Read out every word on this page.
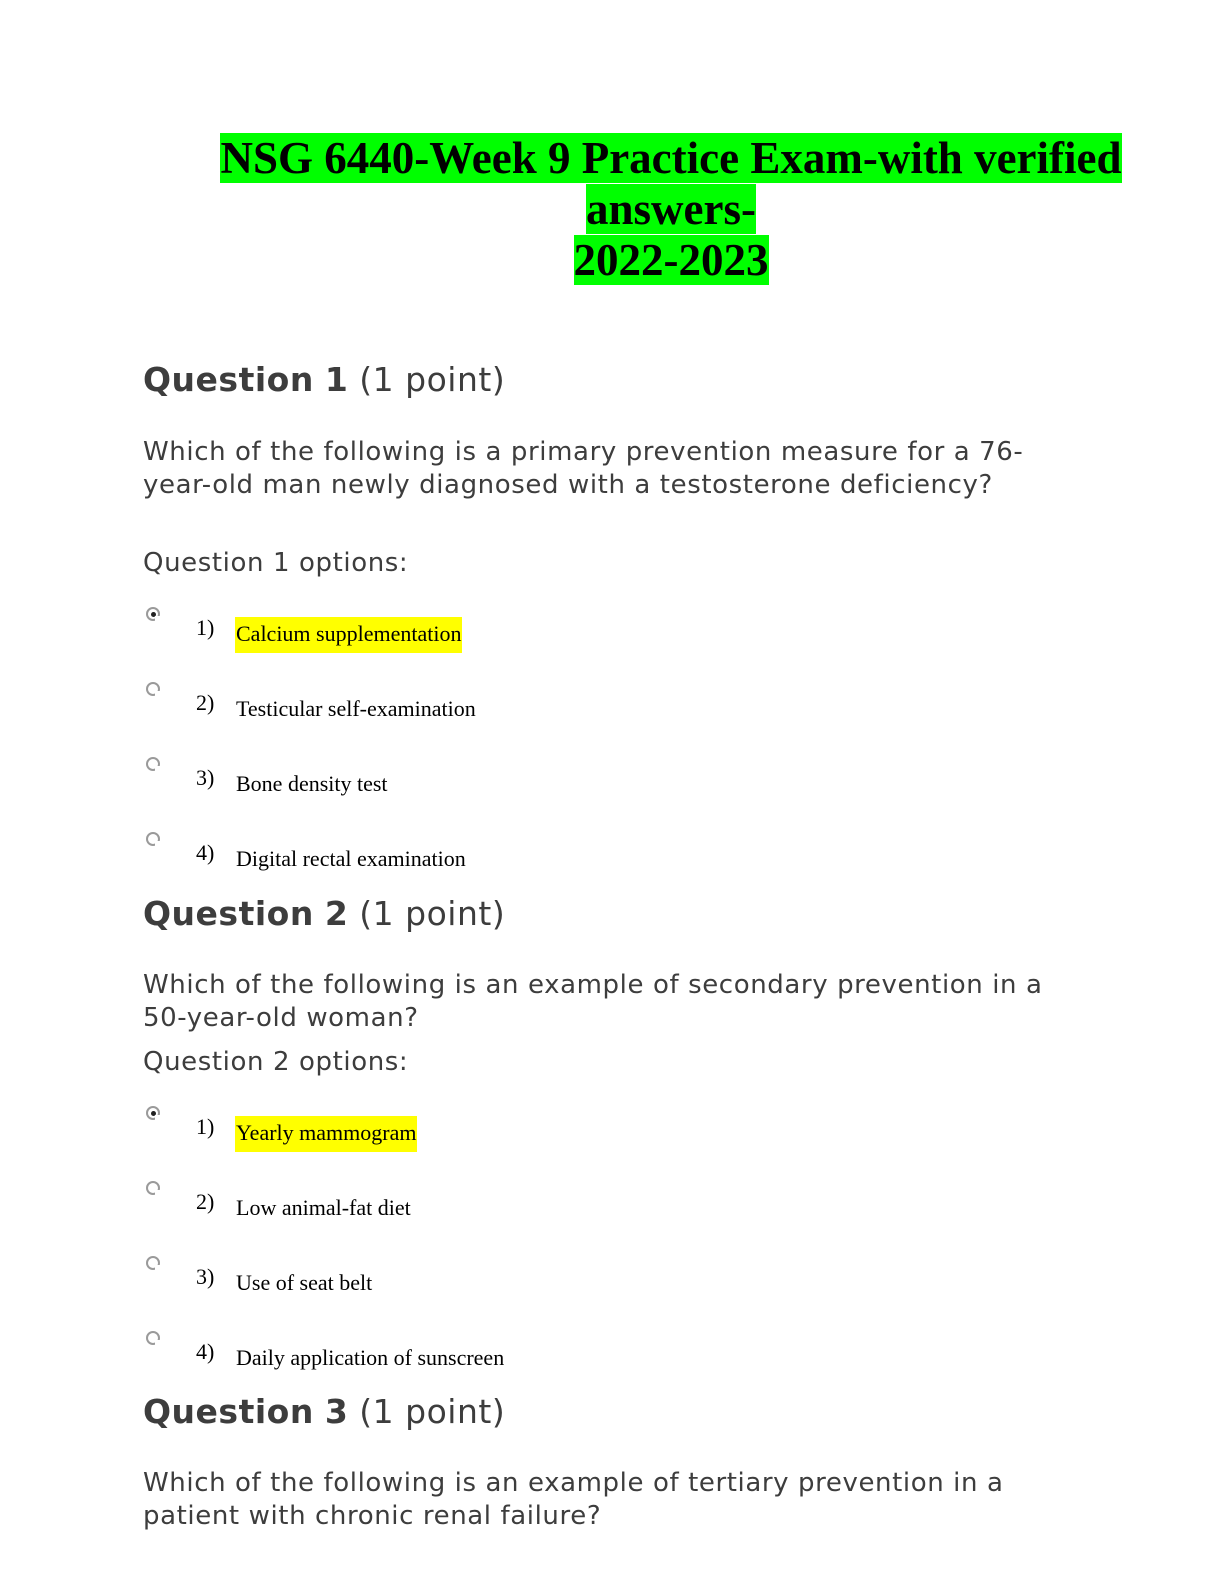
NSG 6440-Week 9 Practice Exam-with verified answers-
2022-2023
Question 1 (1 point)
Which of the following is a primary prevention measure for a 76-year-old man newly diagnosed with a testosterone deficiency?
Question 1 options:
1) Calcium supplementation
2) Testicular self-examination
3) Bone density test
4) Digital rectal examination
Question 2 (1 point)
Which of the following is an example of secondary prevention in a 50-year-old woman?
Question 2 options:
1) Yearly mammogram
2) Low animal-fat diet
3) Use of seat belt
4) Daily application of sunscreen
Question 3 (1 point)
Which of the following is an example of tertiary prevention in a patient with chronic renal failure?
